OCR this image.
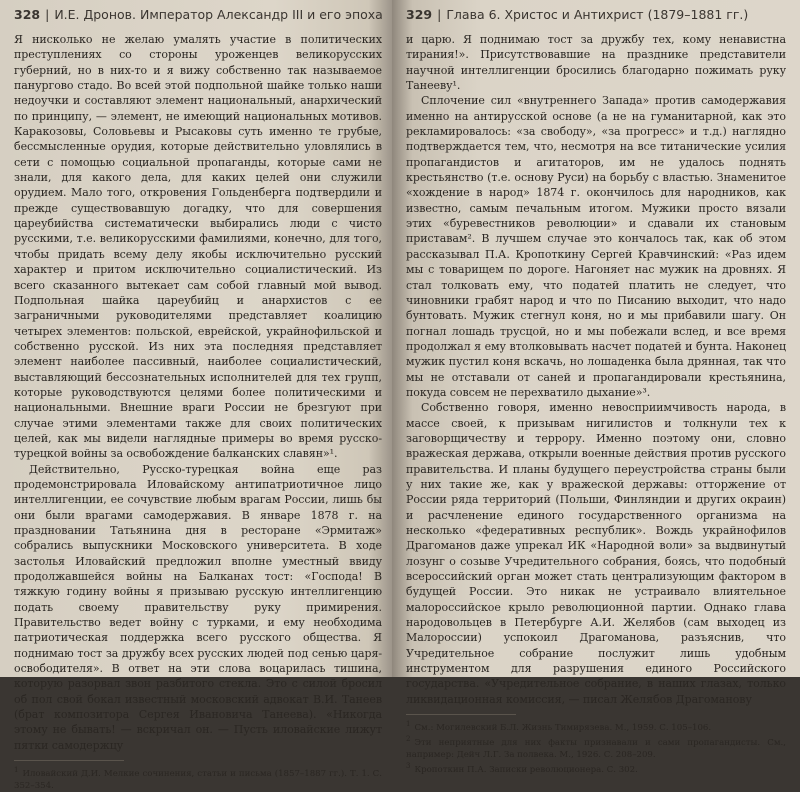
328 | И.Е. Дронов. Император Александр III и его эпоха

Я нисколько не желаю умалять участие в политических преступлениях со стороны уроженцев великорусских губерний, но в них-то и я вижу собственно так называемое панургово стадо. Во всей этой подпольной шайке только наши недоучки и составляют элемент национальный, анархический по принципу, — элемент, не имеющий национальных мотивов. Каракозовы, Соловьевы и Рысаковы суть именно те грубые, бессмысленные орудия, которые действительно уловлялись в сети с помощью социальной пропаганды, которые сами не знали, для какого дела, для каких целей они служили орудием. Мало того, откровения Гольденберга подтвердили и прежде существовавшую догадку, что для совершения цареубийства систематически выбирались люди с чисто русскими, т.е. великорусскими фамилиями, конечно, для того, чтобы придать всему делу якобы исключительно русский характер и притом исключительно социалистический. Из всего сказанного вытекает сам собой главный мой вывод. Подпольная шайка цареубийц и анархистов с ее заграничными руководителями представляет коалицию четырех элементов: польской, еврейской, украйнофильской и собственно русской. Из них эта последняя представляет элемент наиболее пассивный, наиболее социалистический, выставляющий бессознательных исполнителей для тех групп, которые руководствуются целями более политическими и национальными. Внешние враги России не брезгуют при случае этими элементами также для своих политических целей, как мы видели наглядные примеры во время русско-турецкой войны за освобождение балканских славян»¹.

Действительно, Русско-турецкая война еще раз продемонстрировала Иловайскому антипатриотичное лицо интеллигенции, ее сочувствие любым врагам России, лишь бы они были врагами самодержавия. В январе 1878 г. на праздновании Татьянина дня в ресторане «Эрмитаж» собрались выпускники Московского университета. В ходе застолья Иловайский предложил вполне уместный ввиду продолжавшейся войны на Балканах тост: «Господа! В тяжкую годину войны я призываю русскую интеллигенцию подать своему правительству руку примирения. Правительство ведет войну с турками, и ему необходима патриотическая поддержка всего русского общества. Я поднимаю тост за дружбу всех русских людей под сенью царя-освободителя». В ответ на эти слова воцарилась тишина, которую разорвал звон разбитого стекла. Это с силой бросил об пол свой бокал известный московский адвокат В.И. Танеев (брат композитора Сергея Ивановича Танеева). «Никогда этому не бывать! — вскричал он. — Пусть иловайские лижут пятки самодержцу

$^1$ Иловайский Д.И. Мелкие сочинения, статьи и письма (1857–1887 гг.). Т. 1. С. 352–354.

329 | Глава 6. Христос и Антихрист (1879–1881 гг.)

и царю. Я поднимаю тост за дружбу тех, кому ненавистна тирания!». Присутствовавшие на празднике представители научной интеллигенции бросились благодарно пожимать руку Танееву¹.

Сплочение сил «внутреннего Запада» против самодержавия именно на антирусской основе (а не на гуманитарной, как это рекламировалось: «за свободу», «за прогресс» и т.д.) наглядно подтверждается тем, что, несмотря на все титанические усилия пропагандистов и агитаторов, им не удалось поднять крестьянство (т.е. основу Руси) на борьбу с властью. Знаменитое «хождение в народ» 1874 г. окончилось для народников, как известно, самым печальным итогом. Мужики просто вязали этих «буревестников революции» и сдавали их становым приставам². В лучшем случае это кончалось так, как об этом рассказывал П.А. Кропоткину Сергей Кравчинский: «Раз идем мы с товарищем по дороге. Нагоняет нас мужик на дровнях. Я стал толковать ему, что податей платить не следует, что чиновники грабят народ и что по Писанию выходит, что надо бунтовать. Мужик стегнул коня, но и мы прибавили шагу. Он погнал лошадь трусцой, но и мы побежали вслед, и все время продолжал я ему втолковывать насчет податей и бунта. Наконец мужик пустил коня вскачь, но лошаденка была дрянная, так что мы не отставали от саней и пропагандировали крестьянина, покуда совсем не перехватило дыхание»³.

Собственно говоря, именно невосприимчивость народа, в массе своей, к призывам нигилистов и толкнули тех к заговорщичеству и террору. Именно поэтому они, словно вражеская держава, открыли военные действия против русского правительства. И планы будущего переустройства страны были у них такие же, как у вражеской державы: отторжение от России ряда территорий (Польши, Финляндии и других окраин) и расчленение единого государственного организма на несколько «федеративных республик». Вождь украйнофилов Драгоманов даже упрекал ИК «Народной воли» за выдвинутый лозунг о созыве Учредительного собрания, боясь, что подобный всероссийский орган может стать централизующим фактором в будущей России. Это никак не устраивало влиятельное малороссийское крыло революционной партии. Однако глава народовольцев в Петербурге А.И. Желябов (сам выходец из Малороссии) успокоил Драгоманова, разъяснив, что Учредительное собрание послужит лишь удобным инструментом для разрушения единого Российского государства. «Учредительное собрание, в наших глазах, только ликвидационная комиссия, — писал Желябов Драгоманову

$^1$ См.: Могилевский Б.Л. Жизнь Тимирязева. М., 1959. С. 105–106.

$^2$ Эти неприятные для них факты признавали и сами пропагандисты. См., например: Дейч Л.Г. За полвека. М., 1926. С. 208–209.

$^3$ Кропоткин П.А. Записки революционера. С. 302.
